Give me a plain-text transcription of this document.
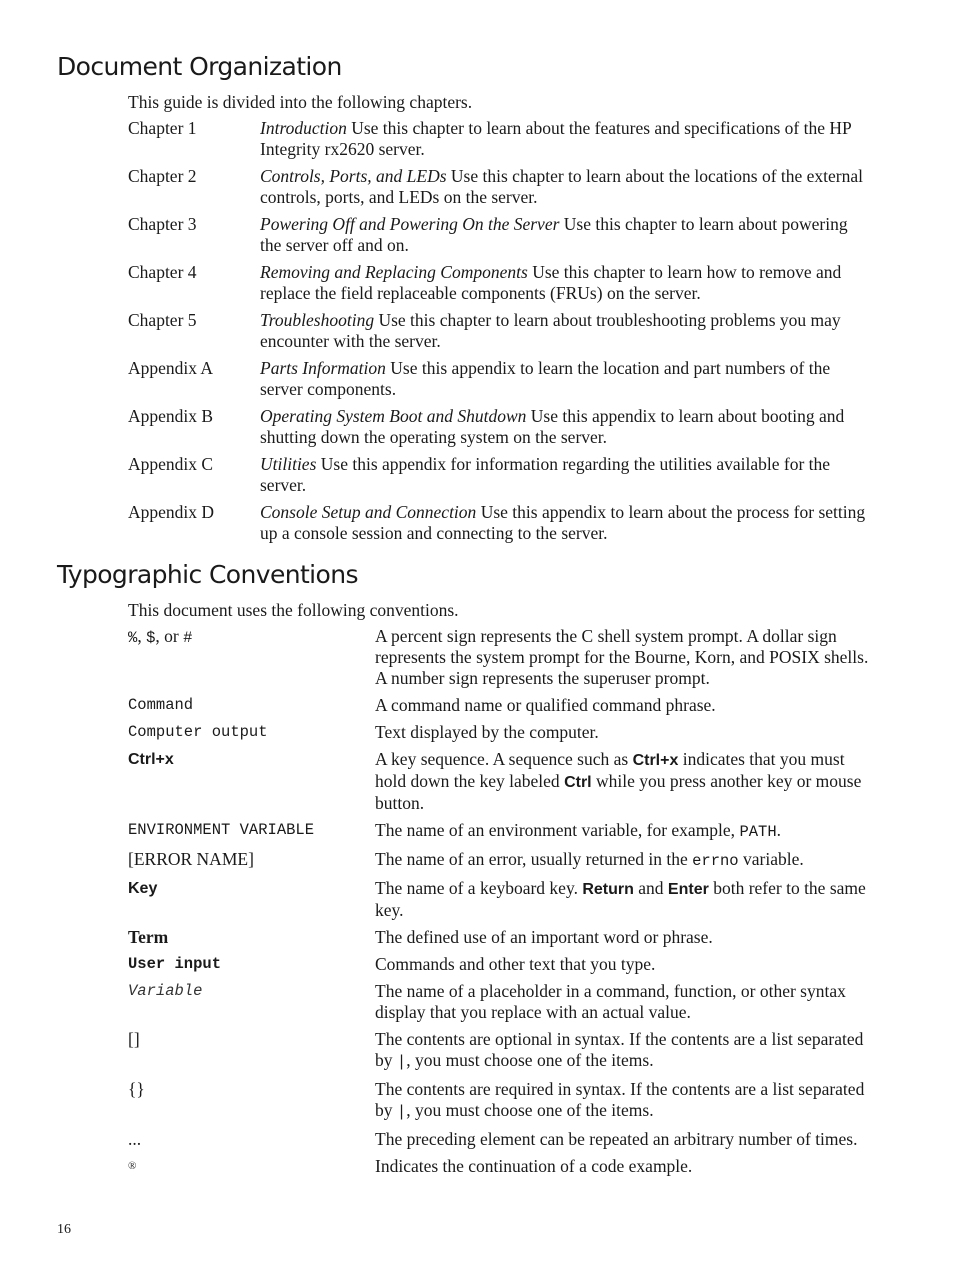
Document Organization

This guide is divided into the following chapters.

Chapter 1	Introduction Use this chapter to learn about the features and specifications of the HP Integrity rx2620 server.
Chapter 2	Controls, Ports, and LEDs Use this chapter to learn about the locations of the external controls, ports, and LEDs on the server.
Chapter 3	Powering Off and Powering On the Server Use this chapter to learn about powering the server off and on.
Chapter 4	Removing and Replacing Components Use this chapter to learn how to remove and replace the field replaceable components (FRUs) on the server.
Chapter 5	Troubleshooting Use this chapter to learn about troubleshooting problems you may encounter with the server.
Appendix A	Parts Information Use this appendix to learn the location and part numbers of the server components.
Appendix B	Operating System Boot and Shutdown Use this appendix to learn about booting and shutting down the operating system on the server.
Appendix C	Utilities Use this appendix for information regarding the utilities available for the server.
Appendix D	Console Setup and Connection Use this appendix to learn about the process for setting up a console session and connecting to the server.
Typographic Conventions

This document uses the following conventions.

%, $, or #	A percent sign represents the C shell system prompt. A dollar sign represents the system prompt for the Bourne, Korn, and POSIX shells. A number sign represents the superuser prompt.
Command	A command name or qualified command phrase.
Computer output	Text displayed by the computer.
Ctrl+x	A key sequence. A sequence such as Ctrl+x indicates that you must hold down the key labeled Ctrl while you press another key or mouse button.
ENVIRONMENT VARIABLE	The name of an environment variable, for example, PATH.
[ERROR NAME]	The name of an error, usually returned in the errno variable.
Key	The name of a keyboard key. Return and Enter both refer to the same key.
Term	The defined use of an important word or phrase.
User input	Commands and other text that you type.
Variable	The name of a placeholder in a command, function, or other syntax display that you replace with an actual value.
[]	The contents are optional in syntax. If the contents are a list separated by |, you must choose one of the items.
{}	The contents are required in syntax. If the contents are a list separated by |, you must choose one of the items.
...	The preceding element can be repeated an arbitrary number of times.
®	Indicates the continuation of a code example.
16
